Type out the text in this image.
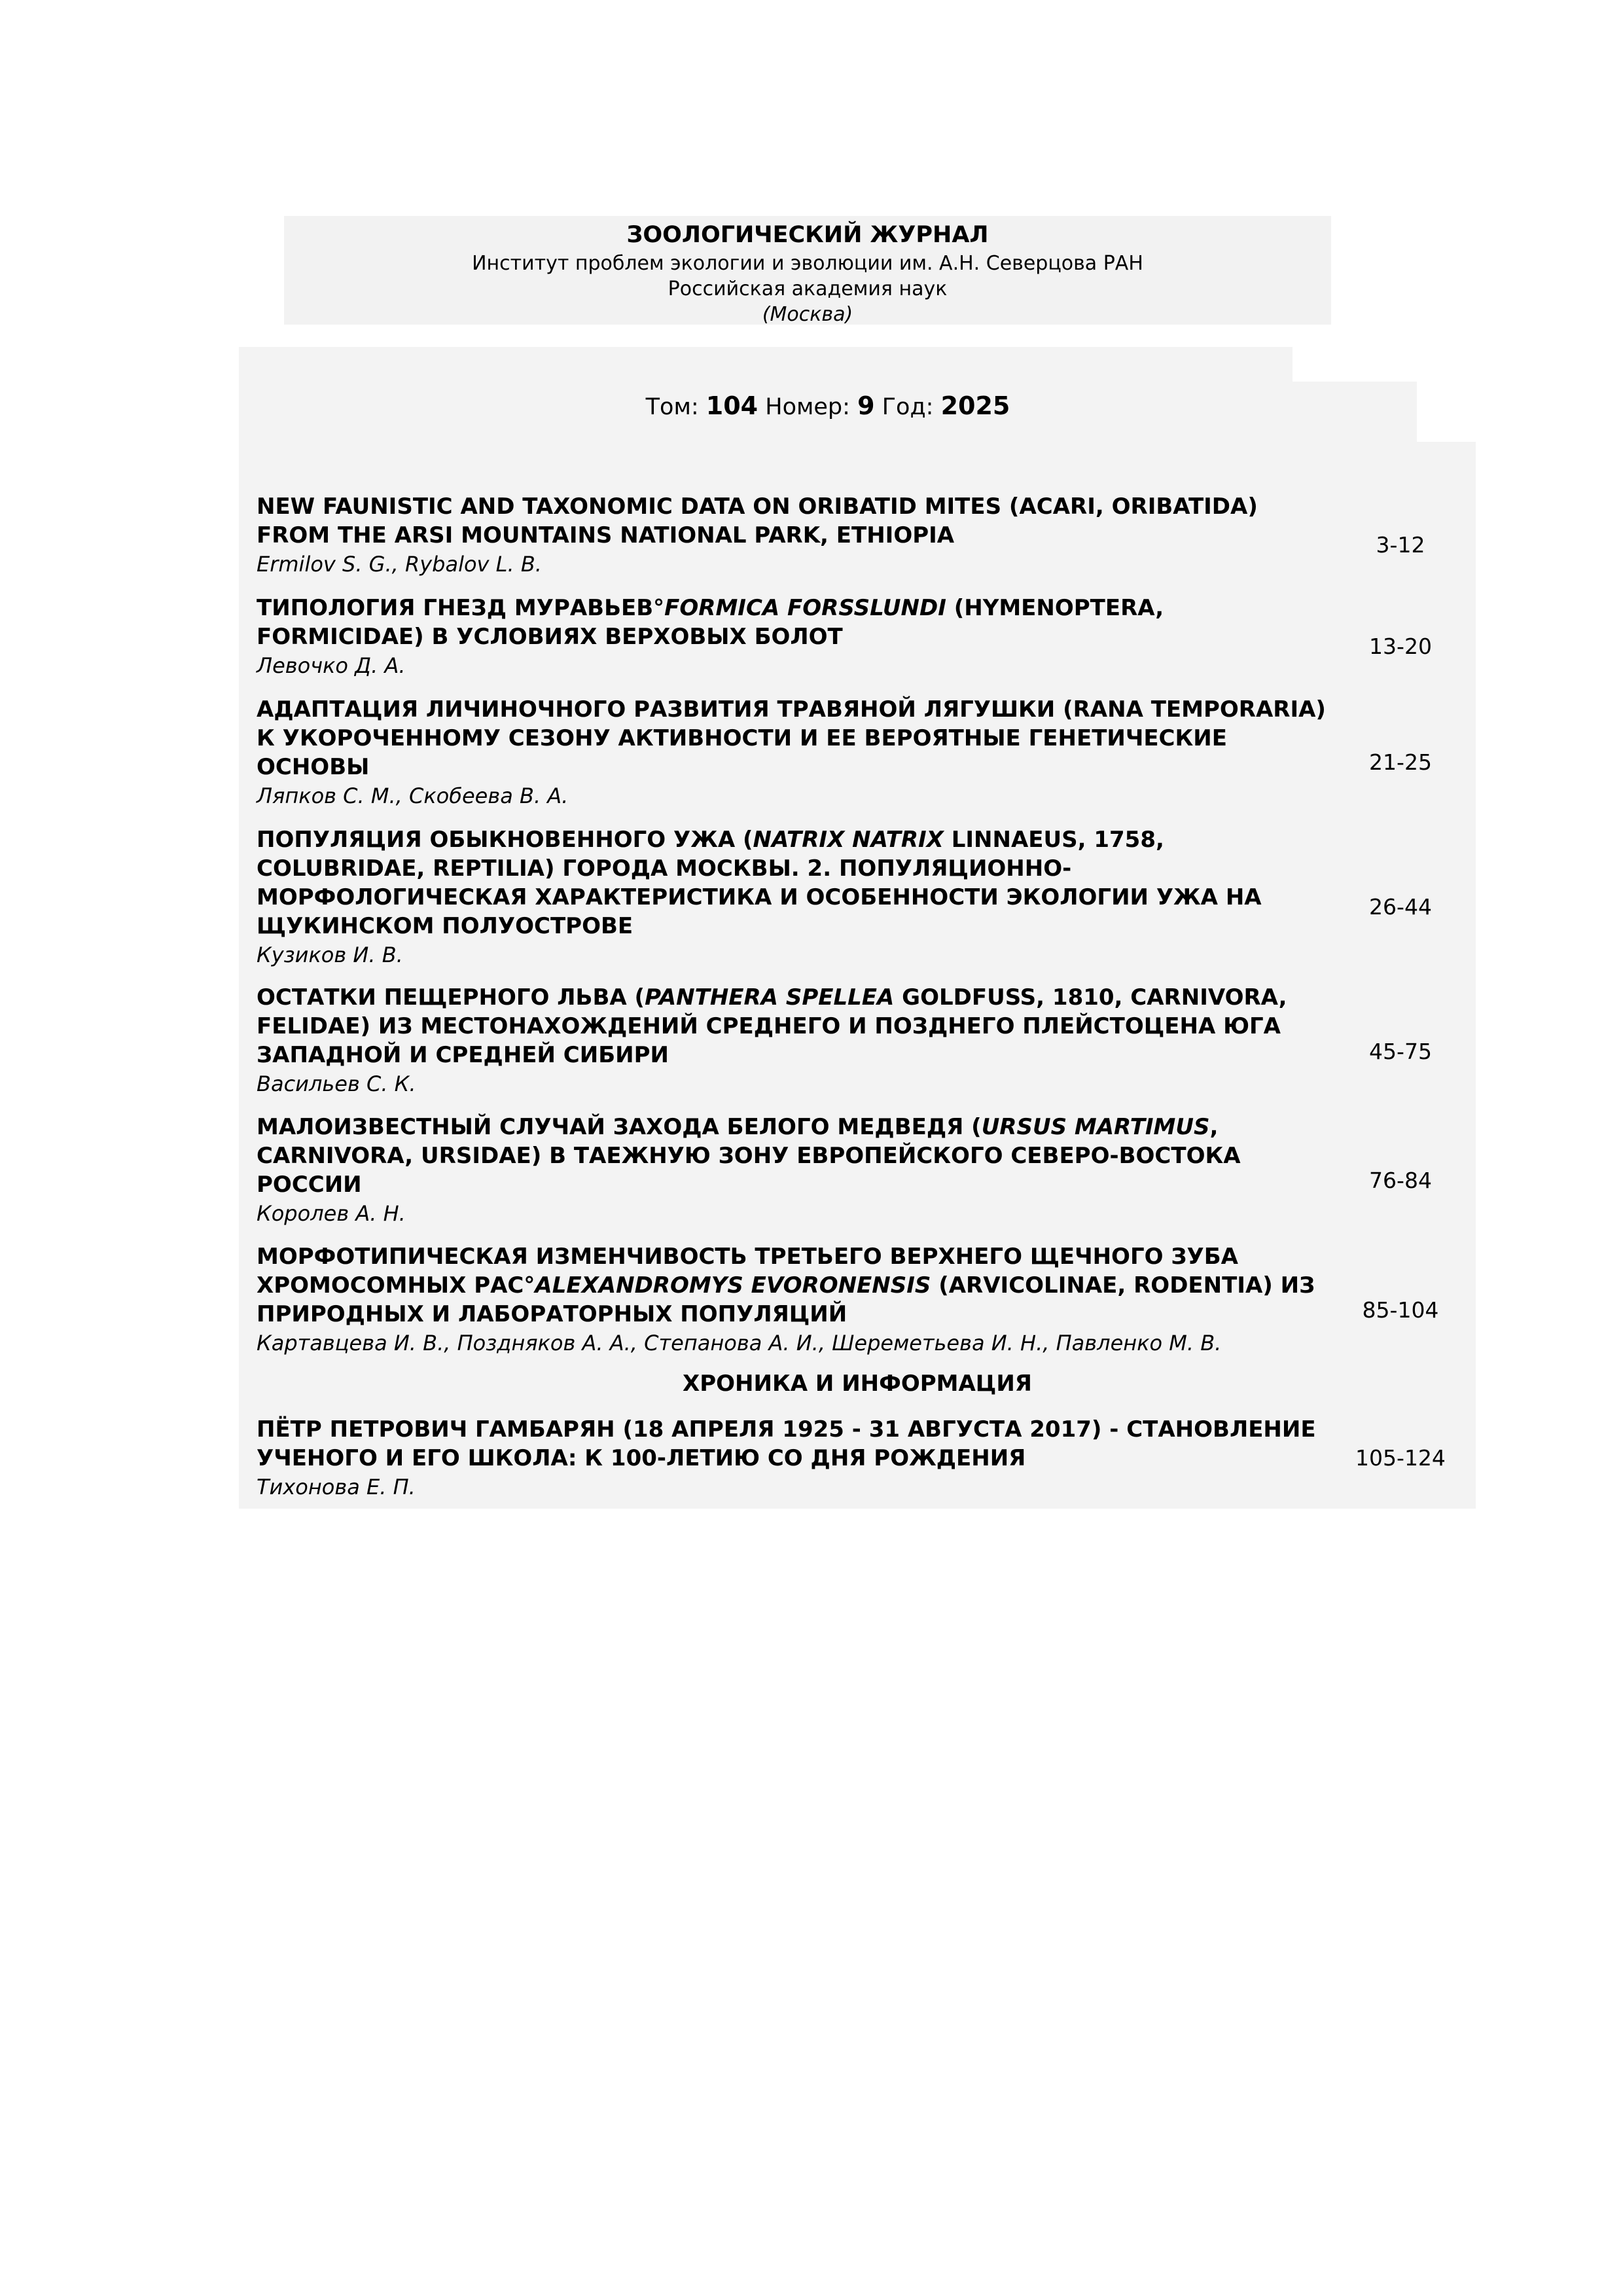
ЗООЛОГИЧЕСКИЙ ЖУРНАЛ
Институт проблем экологии и эволюции им. А.Н. Северцова РАН
Российская академия наук
(Москва)
Том: 104 Номер: 9 Год: 2025
NEW FAUNISTIC AND TAXONOMIC DATA ON ORIBATID MITES (ACARI, ORIBATIDA)
FROM THE ARSI MOUNTAINS NATIONAL PARK, ETHIOPIA
Ermilov S. G., Rybalov L. B.
3-12
ТИПОЛОГИЯ ГНЕЗД МУРАВЬЕВ°FORMICA FORSSLUNDI (HYMENOPTERA,
FORMICIDAE) В УСЛОВИЯХ ВЕРХОВЫХ БОЛОТ
Левочко Д. А.
13-20
АДАПТАЦИЯ ЛИЧИНОЧНОГО РАЗВИТИЯ ТРАВЯНОЙ ЛЯГУШКИ (RANA TEMPORARIA)
К УКОРОЧЕННОМУ СЕЗОНУ АКТИВНОСТИ И ЕЕ ВЕРОЯТНЫЕ ГЕНЕТИЧЕСКИЕ
ОСНОВЫ
Ляпков С. М., Скобеева В. А.
21-25
ПОПУЛЯЦИЯ ОБЫКНОВЕННОГО УЖА (NATRIX NATRIX LINNAEUS, 1758,
COLUBRIDAE, REPTILIA) ГОРОДА МОСКВЫ. 2. ПОПУЛЯЦИОННО-
МОРФОЛОГИЧЕСКАЯ ХАРАКТЕРИСТИКА И ОСОБЕННОСТИ ЭКОЛОГИИ УЖА НА
ЩУКИНСКОМ ПОЛУОСТРОВЕ
Кузиков И. В.
26-44
ОСТАТКИ ПЕЩЕРНОГО ЛЬВА (PANTHERA SPELLEA GOLDFUSS, 1810, CARNIVORA,
FELIDAE) ИЗ МЕСТОНАХОЖДЕНИЙ СРЕДНЕГО И ПОЗДНЕГО ПЛЕЙСТОЦЕНА ЮГА
ЗАПАДНОЙ И СРЕДНЕЙ СИБИРИ
Васильев С. К.
45-75
МАЛОИЗВЕСТНЫЙ СЛУЧАЙ ЗАХОДА БЕЛОГО МЕДВЕДЯ (URSUS MARTIMUS,
CARNIVORA, URSIDAE) В ТАЕЖНУЮ ЗОНУ ЕВРОПЕЙСКОГО СЕВЕРО-ВОСТОКА
РОССИИ
Королев А. Н.
76-84
МОРФОТИПИЧЕСКАЯ ИЗМЕНЧИВОСТЬ ТРЕТЬЕГО ВЕРХНЕГО ЩЕЧНОГО ЗУБА
ХРОМОСОМНЫХ РАС°ALEXANDROMYS EVORONENSIS (ARVICOLINAE, RODENTIA) ИЗ
ПРИРОДНЫХ И ЛАБОРАТОРНЫХ ПОПУЛЯЦИЙ
Картавцева И. В., Поздняков А. А., Степанова А. И., Шереметьева И. Н., Павленко М. В.
85-104
ХРОНИКА И ИНФОРМАЦИЯ
ПЁТР ПЕТРОВИЧ ГАМБАРЯН (18 АПРЕЛЯ 1925 - 31 АВГУСТА 2017) - СТАНОВЛЕНИЕ
УЧЕНОГО И ЕГО ШКОЛА: К 100-ЛЕТИЮ СО ДНЯ РОЖДЕНИЯ
Тихонова Е. П.
105-124
